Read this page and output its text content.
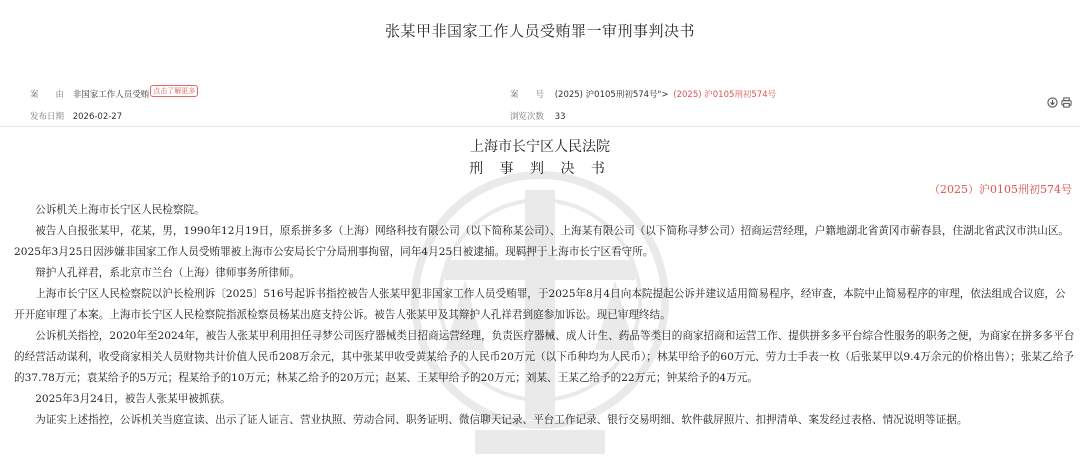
张某甲非国家工作人员受贿罪一审刑事判决书
案　　由 非国家工作人员受贿 点击了解更多	案　　号 (2025) 沪0105刑初574号"> (2025) 沪0105刑初574号
发布日期 2026-02-27	浏览次数 33
上海市长宁区人民法院
刑 事 判 决 书
（2025）沪0105刑初574号

公诉机关上海市长宁区人民检察院。

被告人自报张某甲，花某，男，1990年12月19日，原系拼多多（上海）网络科技有限公司（以下简称某公司）、上海某有限公司（以下简称寻梦公司）招商运营经理，户籍地湖北省黄冈市蕲春县，住湖北省武汉市洪山区。2025年3月25日因涉嫌非国家工作人员受贿罪被上海市公安局长宁分局刑事拘留，同年4月25日被逮捕。现羁押于上海市长宁区看守所。

辩护人孔祥君，系北京市兰台（上海）律师事务所律师。

上海市长宁区人民检察院以沪长检刑诉〔2025〕516号起诉书指控被告人张某甲犯非国家工作人员受贿罪，于2025年8月4日向本院提起公诉并建议适用简易程序，经审查，本院中止简易程序的审理，依法组成合议庭，公开开庭审理了本案。上海市长宁区人民检察院指派检察员杨某出庭支持公诉。被告人张某甲及其辩护人孔祥君到庭参加诉讼。现已审理终结。

公诉机关指控，2020年至2024年，被告人张某甲利用担任寻梦公司医疗器械类目招商运营经理，负责医疗器械、成人计生、药品等类目的商家招商和运营工作、提供拼多多平台综合性服务的职务之便，为商家在拼多多平台的经营活动谋利，收受商家相关人员财物共计价值人民币208万余元，其中张某甲收受黄某给予的人民币20万元（以下币种均为人民币）；林某甲给予的60万元、劳力士手表一枚（后张某甲以9.4万余元的价格出售）；张某乙给予的37.78万元；袁某给予的5万元；程某给予的10万元；林某乙给予的20万元；赵某、王某甲给予的20万元；刘某、王某乙给予的22万元；钟某给予的4万元。

2025年3月24日，被告人张某甲被抓获。

为证实上述指控，公诉机关当庭宣读、出示了证人证言、营业执照、劳动合同、职务证明、微信聊天记录、平台工作记录、银行交易明细、软件截屏照片、扣押清单、案发经过表格、情况说明等证据。
